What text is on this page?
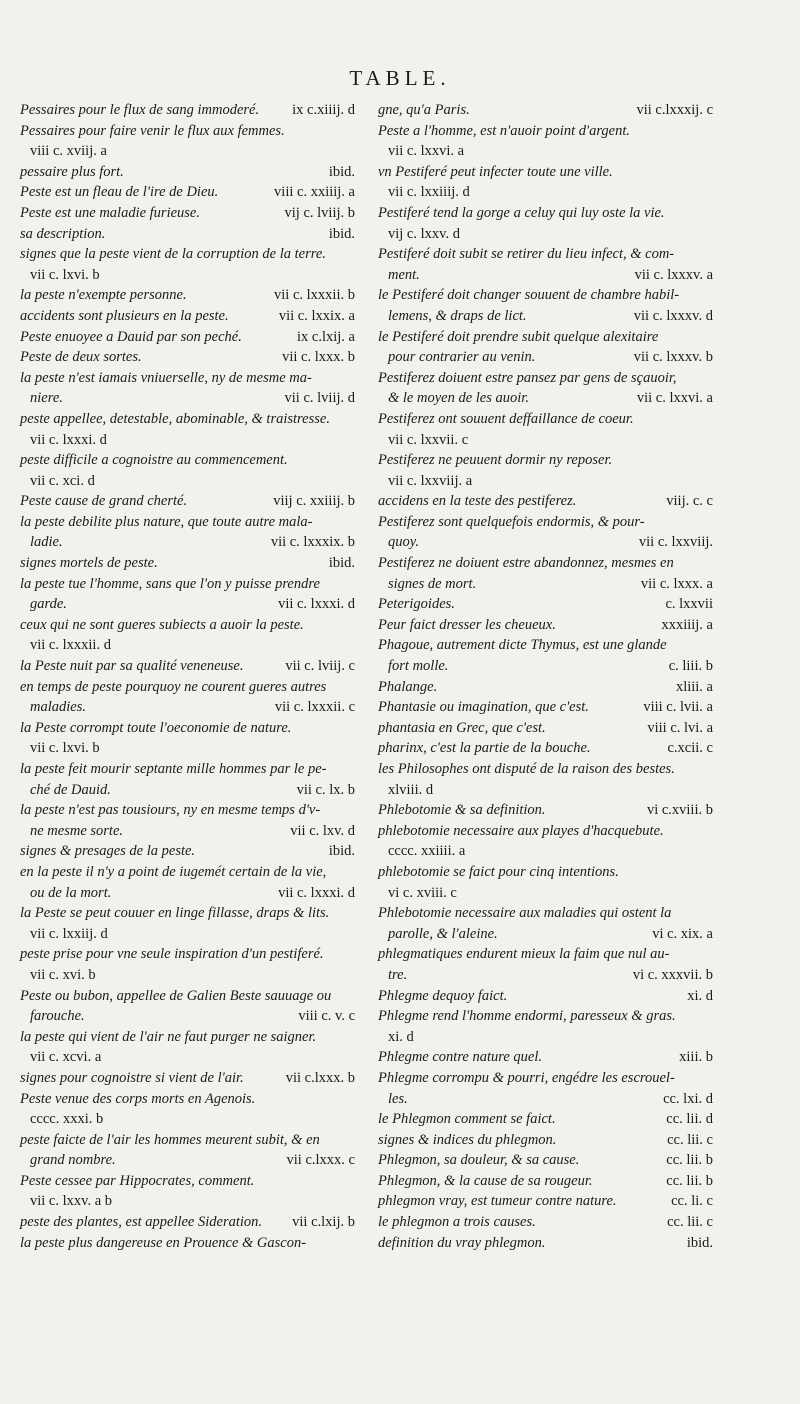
TABLE.
Pessaires pour le flux de sang immoderé. ix c.xiiij. d
Pessaires pour faire venir le flux aux femmes.
viii c. xviij. a
pessaire plus fort.	ibid.
Peste est un fleau de l'ire de Dieu.	viii c. xxiiij. a
Peste est une maladie furieuse.	vij c. lviij. b
sa description.	ibid.
signes que la peste vient de la corruption de la terre.
vii c. lxvi. b
la peste n'exempte personne.	vii c. lxxxii. b
accidents sont plusieurs en la peste.	vii c. lxxix. a
Peste enuoyee a Dauid par son peché.	ix c.lxij. a
Peste de deux sortes.	vii c. lxxx. b
la peste n'est iamais vniuerselle, ny de mesme ma-
niere.	vii c. lviij. d
peste appellee, detestable, abominable, & traistresse.
vii c. lxxxi. d
peste difficile a cognoistre au commencement.
vii c. xci. d
Peste cause de grand cherté.	viij c. xxiiij. b
la peste debilite plus nature, que toute autre mala-
ladie.	vii c. lxxxix. b
signes mortels de peste.	ibid.
la peste tue l'homme, sans que l'on y puisse prendre
garde.	vii c. lxxxi. d
ceux qui ne sont gueres subiects a auoir la peste.
vii c. lxxxii. d
la Peste nuit par sa qualité veneneuse.	vii c. lviij. c
en temps de peste pourquoy ne courent gueres autres
maladies.	vii c. lxxxii. c
la Peste corrompt toute l'oeconomie de nature.
vii c. lxvi. b
la peste feit mourir septante mille hommes par le pe-
ché de Dauid.	vii c. lx. b
la peste n'est pas tousiours, ny en mesme temps d'v-
ne mesme sorte.	vii c. lxv. d
signes & presages de la peste.	ibid.
en la peste il n'y a point de iugemét certain de la vie,
ou de la mort.	vii c. lxxxi. d
la Peste se peut couuer en linge fillasse, draps & lits.
vii c. lxxiij. d
peste prise pour vne seule inspiration d'un pestiferé.
vii c. xvi. b
Peste ou bubon, appellee de Galien Beste sauuage ou
farouche.	viii c. v. c
la peste qui vient de l'air ne faut purger ne saigner.
vii c. xcvi. a
signes pour cognoistre si vient de l'air.	vii c.lxxx. b
Peste venue des corps morts en Agenois.
cccc. xxxi. b
peste faicte de l'air les hommes meurent subit, & en
grand nombre.	vii c.lxxx. c
Peste cessee par Hippocrates, comment.
vii c. lxxv. a b
peste des plantes, est appellee Sideration. vii c.lxij. b
la peste plus dangereuse en Prouence & Gascon-
gne, qu'a Paris.	vii c.lxxxij. c
Peste a l'homme, est n'auoir point d'argent.
vii c. lxxvi. a
vn Pestiferé peut infecter toute une ville.
vii c. lxxiiij. d
Pestiferé tend la gorge a celuy qui luy oste la vie.
vij c. lxxv. d
Pestiferé doit subit se retirer du lieu infect, & com-
ment.	vii c. lxxxv. a
le Pestiferé doit changer souuent de chambre habil-
lemens, & draps de lict.	vii c. lxxxv. d
le Pestiferé doit prendre subit quelque alexitaire
pour contrarier au venin.	vii c. lxxxv. b
Pestiferez doiuent estre pansez par gens de sçauoir,
& le moyen de les auoir.	vii c. lxxvi. a
Pestiferez ont souuent deffaillance de coeur.
vii c. lxxvii. c
Pestiferez ne peuuent dormir ny reposer.
vii c. lxxviij. a
accidens en la teste des pestiferez.	viij. c. c
Pestiferez sont quelquefois endormis, & pour-
quoy.	vii c. lxxviij.
Pestiferez ne doiuent estre abandonnez, mesmes en
signes de mort.	vii c. lxxx. a
Peterigoides.	c. lxxvii
Peur faict dresser les cheueux.	xxxiiij. a
Phagoue, autrement dicte Thymus, est une glande
fort molle.	c. liii. b
Phalange.	xliii. a
Phantasie ou imagination, que c'est.	viii c. lvii. a
phantasia en Grec, que c'est.	viii c. lvi. a
pharinx, c'est la partie de la bouche.	c.xcii. c
les Philosophes ont disputé de la raison des bestes.
xlviii. d
Phlebotomie & sa definition.	vi c.xviii. b
phlebotomie necessaire aux playes d'hacquebute.
cccc. xxiiii. a
phlebotomie se faict pour cinq intentions.
vi c. xviii. c
Phlebotomie necessaire aux maladies qui ostent la
parolle, & l'aleine.	vi c. xix. a
phlegmatiques endurent mieux la faim que nul au-
tre.	vi c. xxxvii. b
Phlegme dequoy faict.	xi. d
Phlegme rend l'homme endormi, paresseux & gras.
xi. d
Phlegme contre nature quel.	xiii. b
Phlegme corrompu & pourri, engédre les escrouel-
les.	cc. lxi. d
le Phlegmon comment se faict.	cc. lii. d
signes & indices du phlegmon.	cc. lii. c
Phlegmon, sa douleur, & sa cause.	cc. lii. b
Phlegmon, & la cause de sa rougeur.	cc. lii. b
phlegmon vray, est tumeur contre nature.	cc. li. c
le phlegmon a trois causes.	cc. lii. c
definition du vray phlegmon.	ibid.
